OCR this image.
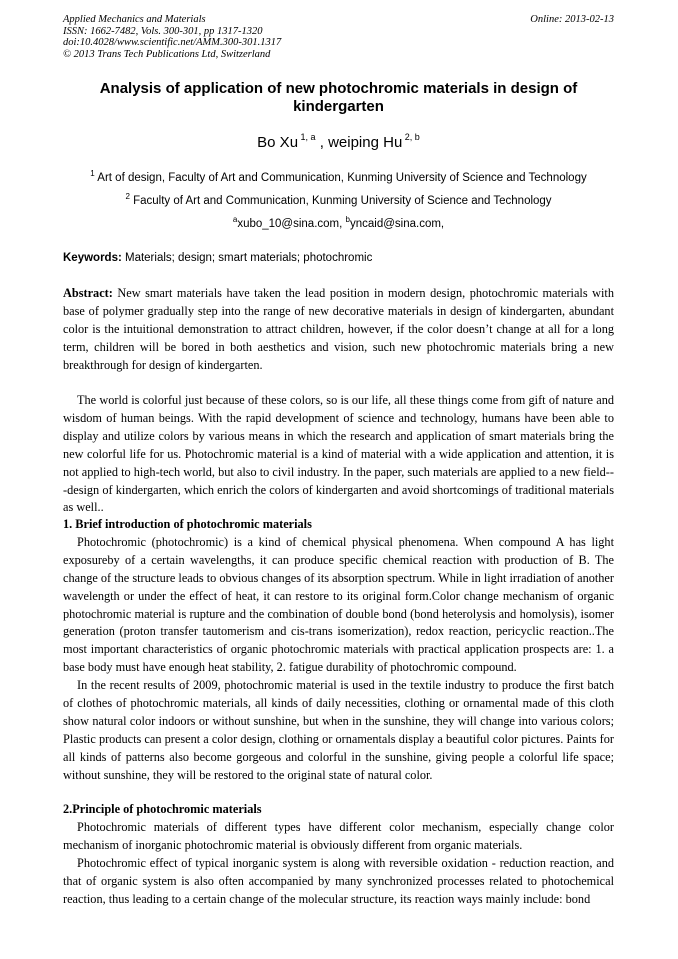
Applied Mechanics and Materials
ISSN: 1662-7482, Vols. 300-301, pp 1317-1320
doi:10.4028/www.scientific.net/AMM.300-301.1317
© 2013 Trans Tech Publications Ltd, Switzerland
Online: 2013-02-13
Analysis of application of new photochromic materials in design of
kindergarten
Bo Xu $^{1, a}$ , weiping Hu $^{2, b}$
$^1$ Art of design, Faculty of Art and Communication, Kunming University of Science and Technology
$^2$ Faculty of Art and Communication, Kunming University of Science and Technology
$^a$xubo_10@sina.com, $^b$yncaid@sina.com,
Keywords: Materials; design; smart materials; photochromic

Abstract: New smart materials have taken the lead position in modern design, photochromic materials with base of polymer gradually step into the range of new decorative materials in design of kindergarten, abundant color is the intuitional demonstration to attract children, however, if the color doesn’t change at all for a long term, children will be bored in both aesthetics and vision, such new photochromic materials bring a new breakthrough for design of kindergarten.

The world is colorful just because of these colors, so is our life, all these things come from gift of nature and wisdom of human beings. With the rapid development of science and technology, humans have been able to display and utilize colors by various means in which the research and application of smart materials bring the new colorful life for us. Photochromic material is a kind of material with a wide application and attention, it is not applied to high-tech world, but also to civil industry. In the paper, such materials are applied to a new field---design of kindergarten, which enrich the colors of kindergarten and avoid shortcomings of traditional materials as well..

1. Brief introduction of photochromic materials

Photochromic (photochromic) is a kind of chemical physical phenomena. When compound A has light exposureby of a certain wavelengths, it can produce specific chemical reaction with production of B. The change of the structure leads to obvious changes of its absorption spectrum. While in light irradiation of another wavelength or under the effect of heat, it can restore to its original form.Color change mechanism of organic photochromic material is rupture and the combination of double bond (bond heterolysis and homolysis), isomer generation (proton transfer tautomerism and cis-trans isomerization), redox reaction, pericyclic reaction..The most important characteristics of organic photochromic materials with practical application prospects are: 1. a base body must have enough heat stability, 2. fatigue durability of photochromic compound.

In the recent results of 2009, photochromic material is used in the textile industry to produce the first batch of clothes of photochromic materials, all kinds of daily necessities, clothing or ornamental made of this cloth show natural color indoors or without sunshine, but when in the sunshine, they will change into various colors; Plastic products can present a color design, clothing or ornamentals display a beautiful color pictures. Paints for all kinds of patterns also become gorgeous and colorful in the sunshine, giving people a colorful life space; without sunshine, they will be restored to the original state of natural color.

2.Principle of photochromic materials

Photochromic materials of different types have different color mechanism, especially change color mechanism of inorganic photochromic material is obviously different from organic materials.

Photochromic effect of typical inorganic system is along with reversible oxidation - reduction reaction, and that of organic system is also often accompanied by many synchronized processes related to photochemical reaction, thus leading to a certain change of the molecular structure, its reaction ways mainly include: bond
